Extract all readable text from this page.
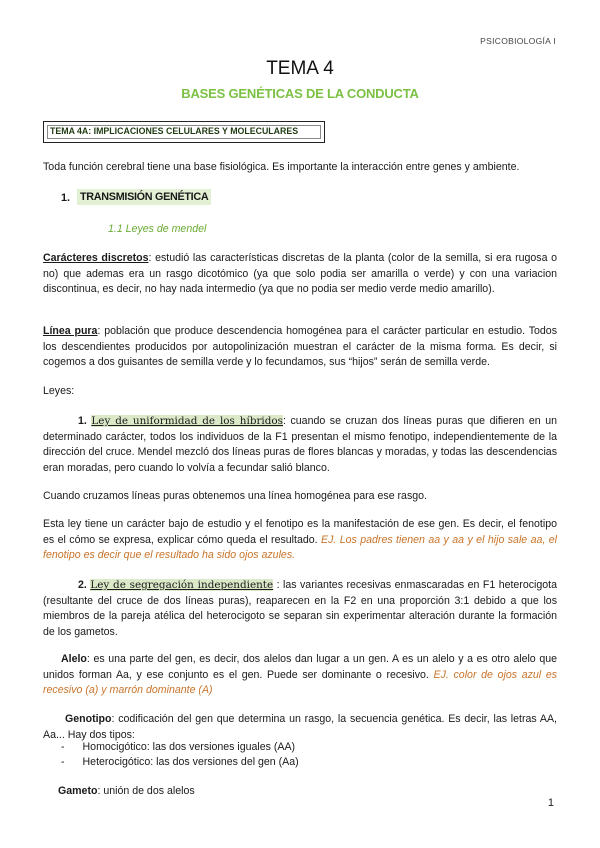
PSICOBIOLOGÍA I
TEMA 4
BASES GENÉTICAS DE LA CONDUCTA
TEMA 4A: IMPLICACIONES CELULARES Y MOLECULARES
Toda función cerebral tiene una base fisiológica. Es importante la interacción entre genes y ambiente.
1. TRANSMISIÓN GENÉTICA
1.1 Leyes de mendel
Carácteres discretos: estudió las características discretas de la planta (color de la semilla, si era rugosa o no) que ademas era un rasgo dicotómico (ya que solo podia ser amarilla o verde) y con una variacion discontinua, es decir, no hay nada intermedio (ya que no podia ser medio verde medio amarillo).
Línea pura: población que produce descendencia homogénea para el carácter particular en estudio. Todos los descendientes producidos por autopolinización muestran el carácter de la misma forma. Es decir, si cogemos a dos guisantes de semilla verde y lo fecundamos, sus “hijos” serán de semilla verde.
Leyes:
1. Ley de uniformidad de los híbridos: cuando se cruzan dos líneas puras que difieren en un determinado carácter, todos los individuos de la F1 presentan el mismo fenotipo, independientemente de la dirección del cruce. Mendel mezcló dos líneas puras de flores blancas y moradas, y todas las descendencias eran moradas, pero cuando lo volvía a fecundar salió blanco.
Cuando cruzamos líneas puras obtenemos una línea homogénea para ese rasgo.
Esta ley tiene un carácter bajo de estudio y el fenotipo es la manifestación de ese gen. Es decir, el fenotipo es el cómo se expresa, explicar cómo queda el resultado. EJ. Los padres tienen aa y aa y el hijo sale aa, el fenotipo es decir que el resultado ha sido ojos azules.
2. Ley de segregación independiente : las variantes recesivas enmascaradas en F1 heterocigota (resultante del cruce de dos líneas puras), reaparecen en la F2 en una proporción 3:1 debido a que los miembros de la pareja atélica del heterocigoto se separan sin experimentar alteración durante la formación de los gametos.
Alelo: es una parte del gen, es decir, dos alelos dan lugar a un gen. A es un alelo y a es otro alelo que unidos forman Aa, y ese conjunto es el gen. Puede ser dominante o recesivo. EJ. color de ojos azul es recesivo (a) y marrón dominante (A)
Genotipo: codificación del gen que determina un rasgo, la secuencia genética. Es decir, las letras AA, Aa... Hay dos tipos:
- Homocigótico: las dos versiones iguales (AA)
- Heterocigótico: las dos versiones del gen (Aa)
Gameto: unión de dos alelos
1
